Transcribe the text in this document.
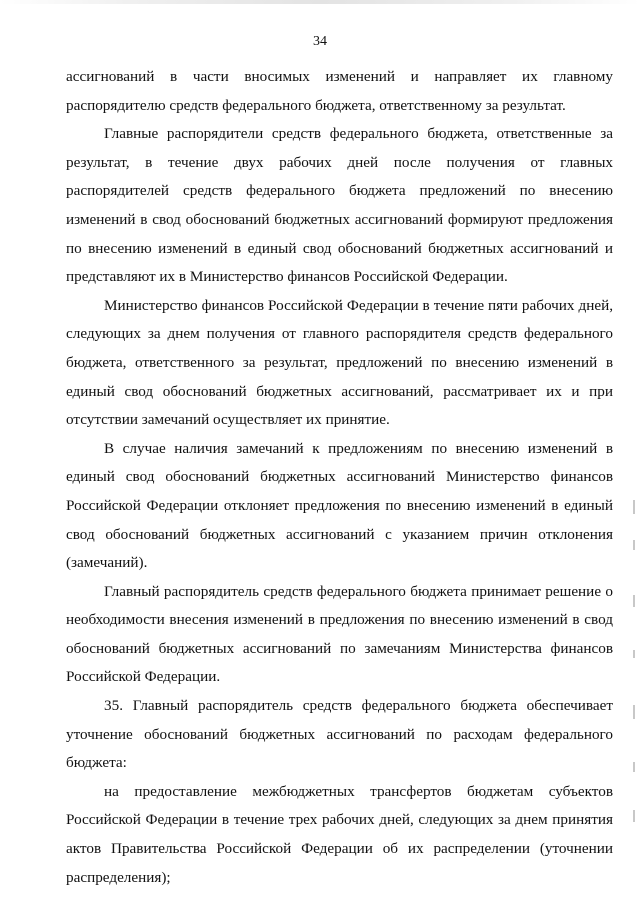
34

ассигнований в части вносимых изменений и направляет их главному распорядителю средств федерального бюджета, ответственному за результат.

Главные распорядители средств федерального бюджета, ответственные за результат, в течение двух рабочих дней после получения от главных распорядителей средств федерального бюджета предложений по внесению изменений в свод обоснований бюджетных ассигнований формируют предложения по внесению изменений в единый свод обоснований бюджетных ассигнований и представляют их в Министерство финансов Российской Федерации.

Министерство финансов Российской Федерации в течение пяти рабочих дней, следующих за днем получения от главного распорядителя средств федерального бюджета, ответственного за результат, предложений по внесению изменений в единый свод обоснований бюджетных ассигнований, рассматривает их и при отсутствии замечаний осуществляет их принятие.

В случае наличия замечаний к предложениям по внесению изменений в единый свод обоснований бюджетных ассигнований Министерство финансов Российской Федерации отклоняет предложения по внесению изменений в единый свод обоснований бюджетных ассигнований с указанием причин отклонения (замечаний).

Главный распорядитель средств федерального бюджета принимает решение о необходимости внесения изменений в предложения по внесению изменений в свод обоснований бюджетных ассигнований по замечаниям Министерства финансов Российской Федерации.

35. Главный распорядитель средств федерального бюджета обеспечивает уточнение обоснований бюджетных ассигнований по расходам федерального бюджета:

на предоставление межбюджетных трансфертов бюджетам субъектов Российской Федерации в течение трех рабочих дней, следующих за днем принятия актов Правительства Российской Федерации об их распределении (уточнении распределения);
